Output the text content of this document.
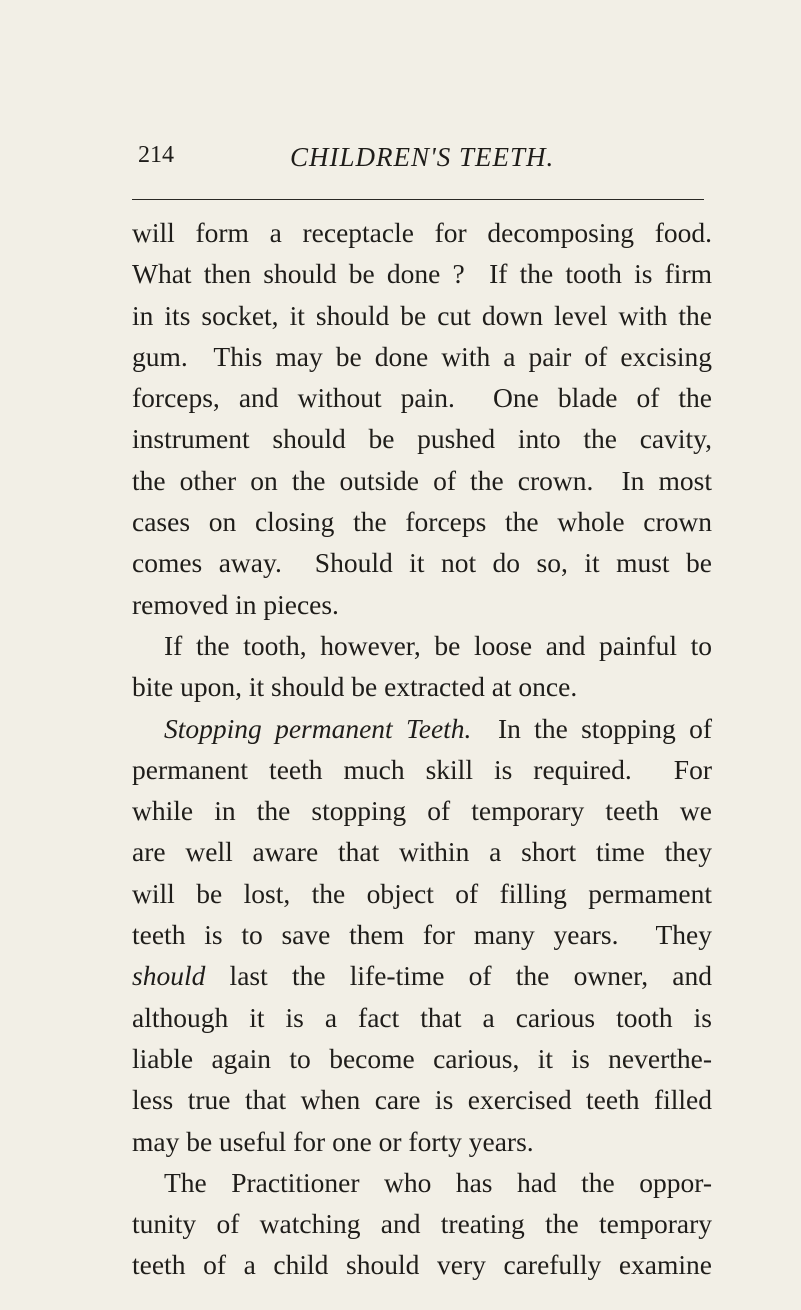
214	CHILDREN'S TEETH.
will form a receptacle for decomposing food.
What then should be done ?  If the tooth is firm
in its socket, it should be cut down level with the
gum.  This may be done with a pair of excising
forceps, and without pain.  One blade of the
instrument should be pushed into the cavity,
the other on the outside of the crown.  In most
cases on closing the forceps the whole crown
comes away.  Should it not do so, it must be
removed in pieces.
If the tooth, however, be loose and painful to
bite upon, it should be extracted at once.
Stopping permanent Teeth.  In the stopping of
permanent teeth much skill is required.  For
while in the stopping of temporary teeth we
are well aware that within a short time they
will be lost, the object of filling permament
teeth is to save them for many years.  They
should last the life-time of the owner, and
although it is a fact that a carious tooth is
liable again to become carious, it is neverthe-
less true that when care is exercised teeth filled
may be useful for one or forty years.
The Practitioner who has had the oppor-
tunity of watching and treating the temporary
teeth of a child should very carefully examine
